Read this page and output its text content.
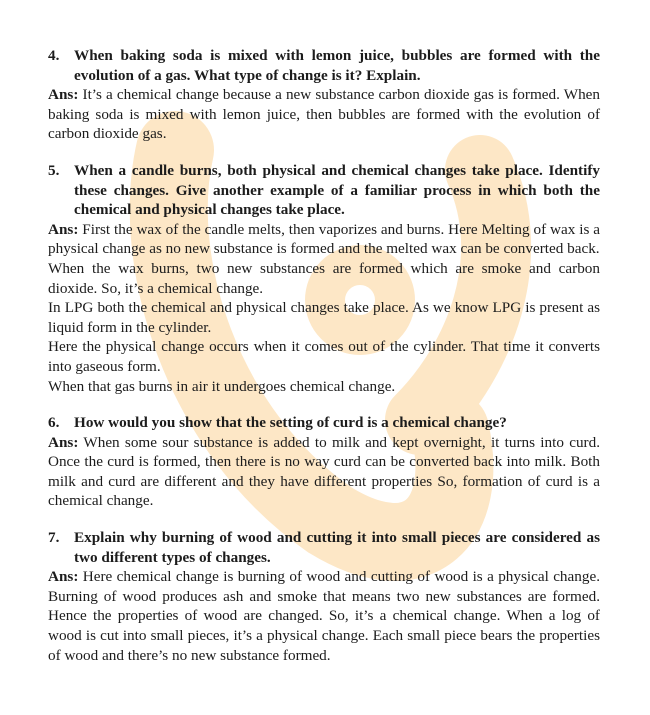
4. When baking soda is mixed with lemon juice, bubbles are formed with the evolution of a gas. What type of change is it? Explain.

Ans: It’s a chemical change because a new substance carbon dioxide gas is formed. When baking soda is mixed with lemon juice, then bubbles are formed with the evolution of carbon dioxide gas.

5. When a candle burns, both physical and chemical changes take place. Identify these changes. Give another example of a familiar process in which both the chemical and physical changes take place.

Ans: First the wax of the candle melts, then vaporizes and burns. Here Melting of wax is a physical change as no new substance is formed and the melted wax can be converted back.

When the wax burns, two new substances are formed which are smoke and carbon dioxide. So, it’s a chemical change.

In LPG both the chemical and physical changes take place. As we know LPG is present as liquid form in the cylinder.

Here the physical change occurs when it comes out of the cylinder. That time it converts into gaseous form.

When that gas burns in air it undergoes chemical change.

6. How would you show that the setting of curd is a chemical change?

Ans: When some sour substance is added to milk and kept overnight, it turns into curd. Once the curd is formed, then there is no way curd can be converted back into milk. Both milk and curd are different and they have different properties So, formation of curd is a chemical change.

7. Explain why burning of wood and cutting it into small pieces are considered as two different types of changes.

Ans: Here chemical change is burning of wood and cutting of wood is a physical change. Burning of wood produces ash and smoke that means two new substances are formed. Hence the properties of wood are changed. So, it’s a chemical change. When a log of wood is cut into small pieces, it’s a physical change. Each small piece bears the properties of wood and there’s no new substance formed.
